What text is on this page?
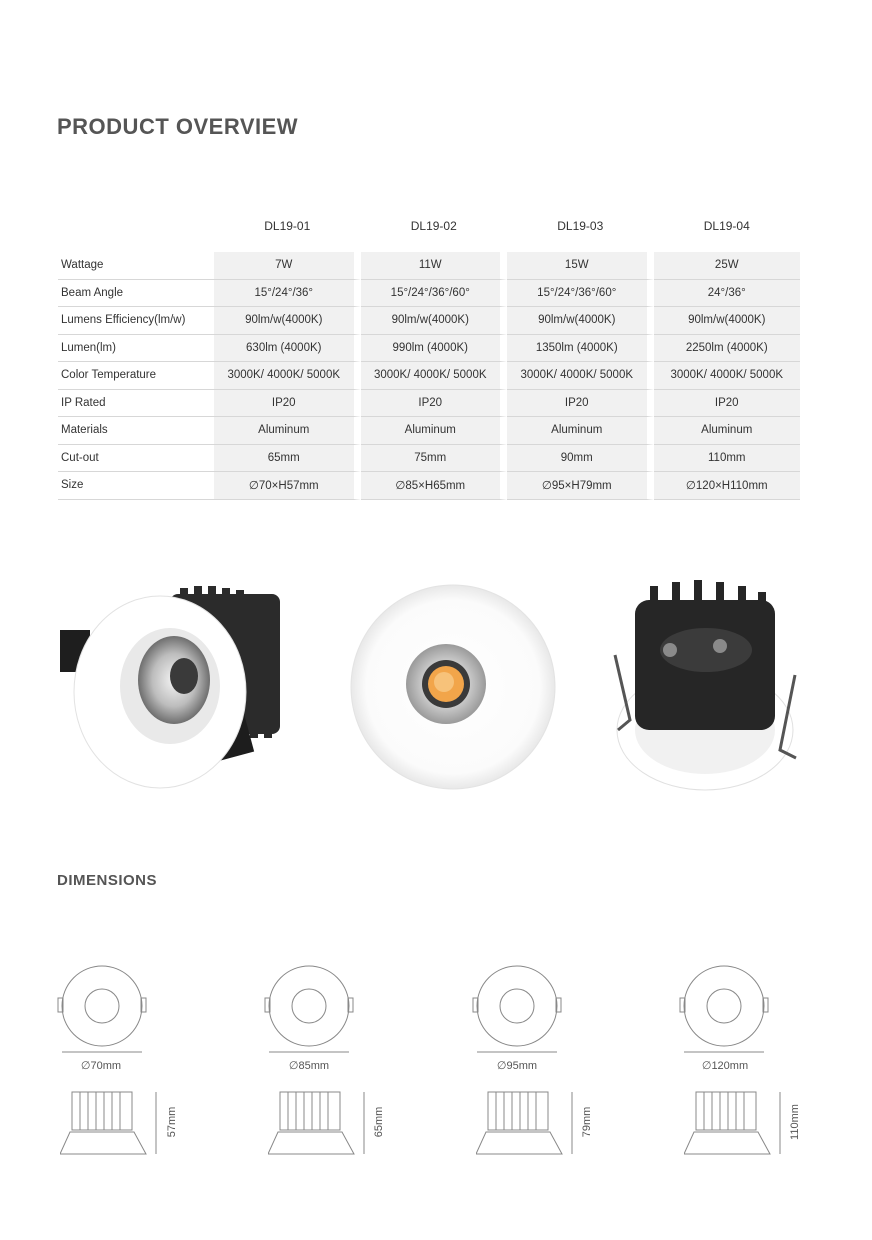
PRODUCT OVERVIEW
	DL19-01	DL19-02	DL19-03	DL19-04
Wattage	7W	11W	15W	25W
Beam Angle	15°/24°/36°	15°/24°/36°/60°	15°/24°/36°/60°	24°/36°
Lumens Efficiency(lm/w)	90lm/w(4000K)	90lm/w(4000K)	90lm/w(4000K)	90lm/w(4000K)
Lumen(lm)	630lm (4000K)	990lm (4000K)	1350lm (4000K)	2250lm (4000K)
Color Temperature	3000K/ 4000K/ 5000K	3000K/ 4000K/ 5000K	3000K/ 4000K/ 5000K	3000K/ 4000K/ 5000K
IP Rated	IP20	IP20	IP20	IP20
Materials	Aluminum	Aluminum	Aluminum	Aluminum
Cut-out	65mm	75mm	90mm	110mm
Size	∅70×H57mm	∅85×H65mm	∅95×H79mm	∅120×H110mm
DIMENSIONS
∅70mm
57mm
∅85mm
65mm
∅95mm
79mm
∅120mm
110mm
